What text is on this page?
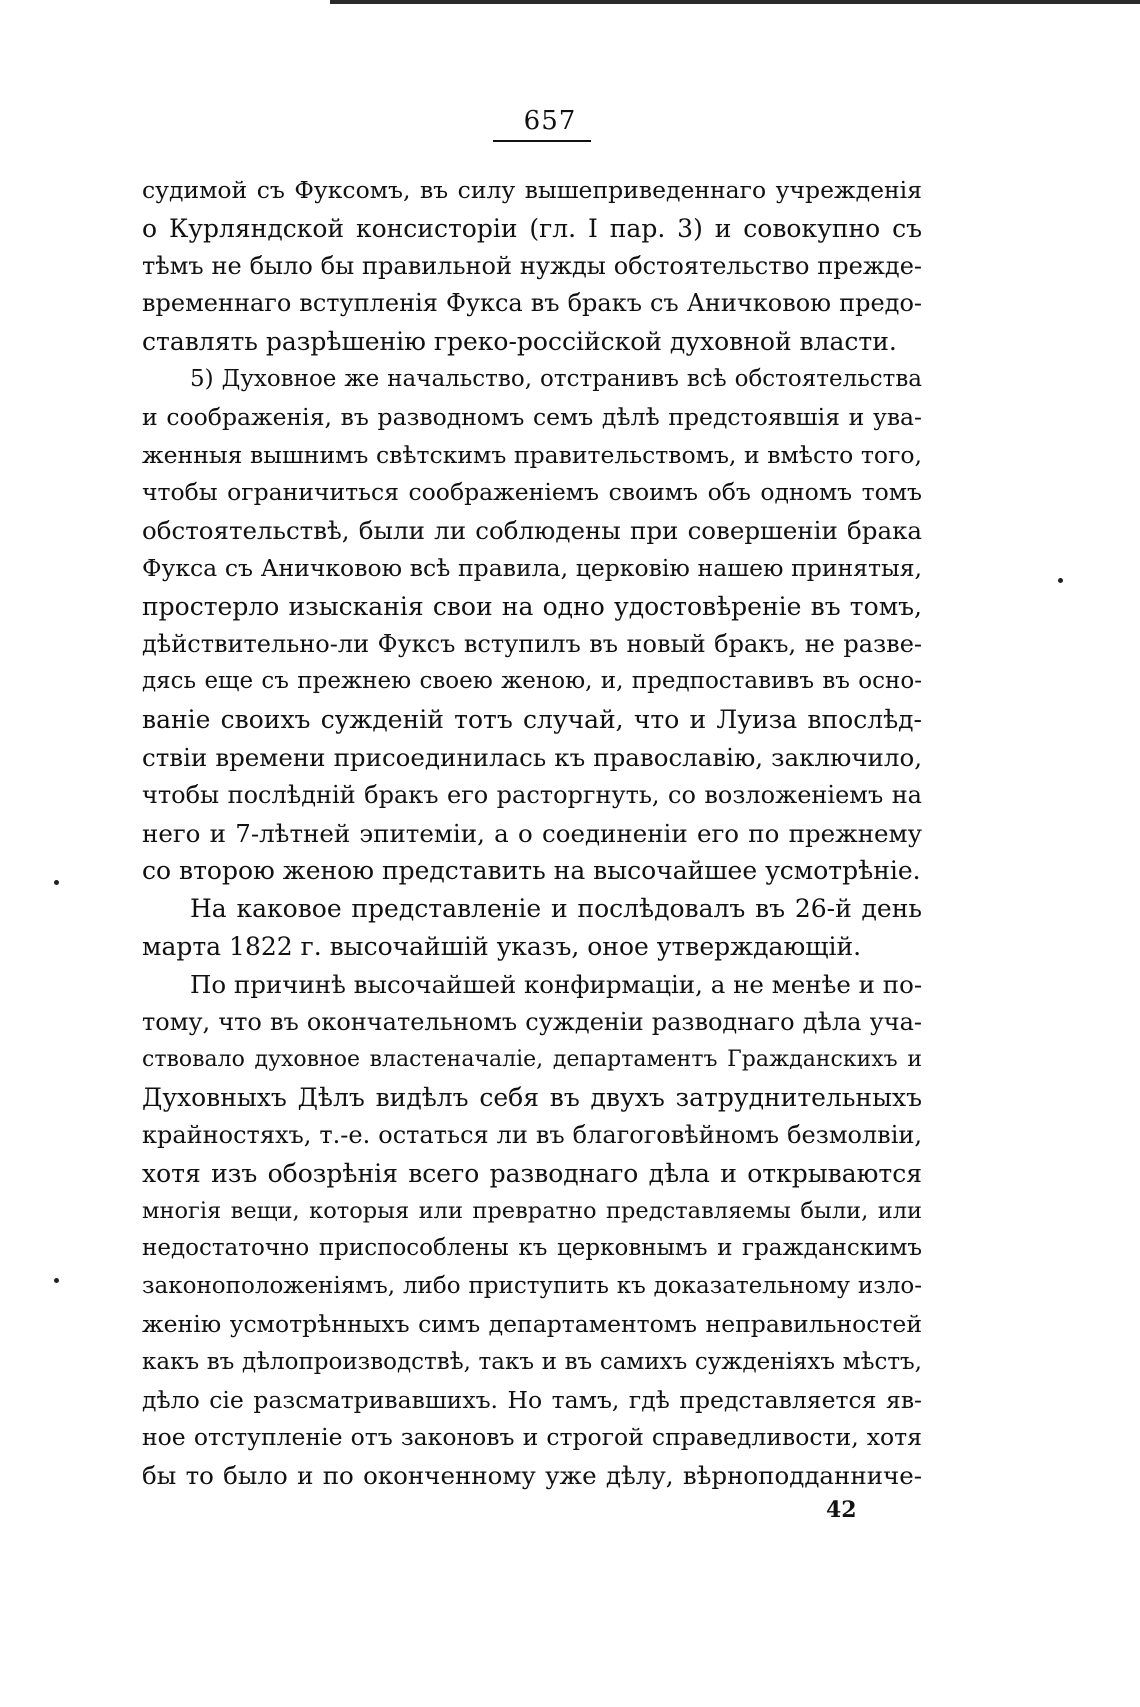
657
судимой съ Фуксомъ, въ силу вышеприведеннаго учрежденія
о Курляндской консисторіи (гл. I пар. 3) и совокупно съ
тѣмъ не было бы правильной нужды обстоятельство прежде-
временнаго вступленія Фукса въ бракъ съ Аничковою предо-
ставлять разрѣшенію греко-россійской духовной власти.
5) Духовное же начальство, отстранивъ всѣ обстоятельства
и соображенія, въ разводномъ семъ дѣлѣ предстоявшія и ува-
женныя вышнимъ свѣтскимъ правительствомъ, и вмѣсто того,
чтобы ограничиться соображеніемъ своимъ объ одномъ томъ
обстоятельствѣ, были ли соблюдены при совершеніи брака
Фукса съ Аничковою всѣ правила, церковію нашею принятыя,
простерло изысканія свои на одно удостовѣреніе въ томъ,
дѣйствительно-ли Фуксъ вступилъ въ новый бракъ, не разве-
дясь еще съ прежнею своею женою, и, предпоставивъ въ осно-
ваніе своихъ сужденій тотъ случай, что и Луиза впослѣд-
ствіи времени присоединилась къ православію, заключило,
чтобы послѣдній бракъ его расторгнуть, со возложеніемъ на
него и 7-лѣтней эпитеміи, а о соединеніи его по прежнему
со второю женою представить на высочайшее усмотрѣніе.
На каковое представленіе и послѣдовалъ въ 26-й день
марта 1822 г. высочайшій указъ, оное утверждающій.
По причинѣ высочайшей конфирмаціи, а не менѣе и по-
тому, что въ окончательномъ сужденіи разводнаго дѣла уча-
ствовало духовное властеначаліе, департаментъ Гражданскихъ и
Духовныхъ Дѣлъ видѣлъ себя въ двухъ затруднительныхъ
крайностяхъ, т.-е. остаться ли въ благоговѣйномъ безмолвіи,
хотя изъ обозрѣнія всего разводнаго дѣла и открываются
многія вещи, которыя или превратно представляемы были, или
недостаточно приспособлены къ церковнымъ и гражданскимъ
законоположеніямъ, либо приступить къ доказательному изло-
женію усмотрѣнныхъ симъ департаментомъ неправильностей
какъ въ дѣлопроизводствѣ, такъ и въ самихъ сужденіяхъ мѣстъ,
дѣло сіе разсматривавшихъ. Но тамъ, гдѣ представляется яв-
ное отступленіе отъ законовъ и строгой справедливости, хотя
бы то было и по оконченному уже дѣлу, вѣрноподданниче-
42
